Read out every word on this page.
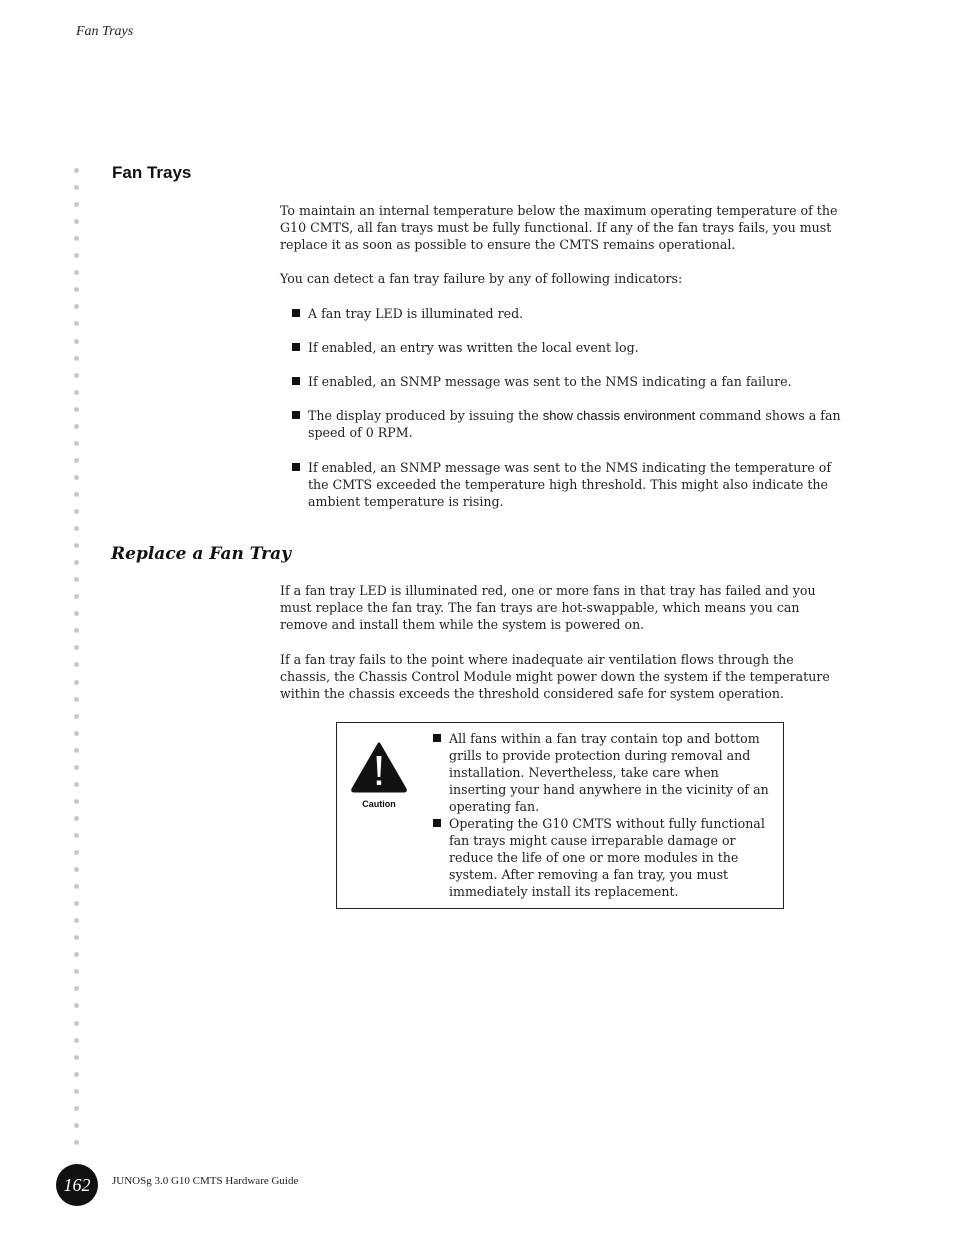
Fan Trays
Fan Trays

To maintain an internal temperature below the maximum operating temperature of the G10 CMTS, all fan trays must be fully functional. If any of the fan trays fails, you must replace it as soon as possible to ensure the CMTS remains operational.

You can detect a fan tray failure by any of following indicators:

A fan tray LED is illuminated red.
If enabled, an entry was written the local event log.
If enabled, an SNMP message was sent to the NMS indicating a fan failure.
The display produced by issuing the show chassis environment command shows a fan speed of 0 RPM.
If enabled, an SNMP message was sent to the NMS indicating the temperature of the CMTS exceeded the temperature high threshold. This might also indicate the ambient temperature is rising.
Replace a Fan Tray

If a fan tray LED is illuminated red, one or more fans in that tray has failed and you must replace the fan tray. The fan trays are hot-swappable, which means you can remove and install them while the system is powered on.

If a fan tray fails to the point where inadequate air ventilation flows through the chassis, the Chassis Control Module might power down the system if the temperature within the chassis exceeds the threshold considered safe for system operation.

Caution
All fans within a fan tray contain top and bottom grills to provide protection during removal and installation. Nevertheless, take care when inserting your hand anywhere in the vicinity of an operating fan.
Operating the G10 CMTS without fully functional fan trays might cause irreparable damage or reduce the life of one or more modules in the system. After removing a fan tray, you must immediately install its replacement.
162	JUNOSg 3.0 G10 CMTS Hardware Guide
